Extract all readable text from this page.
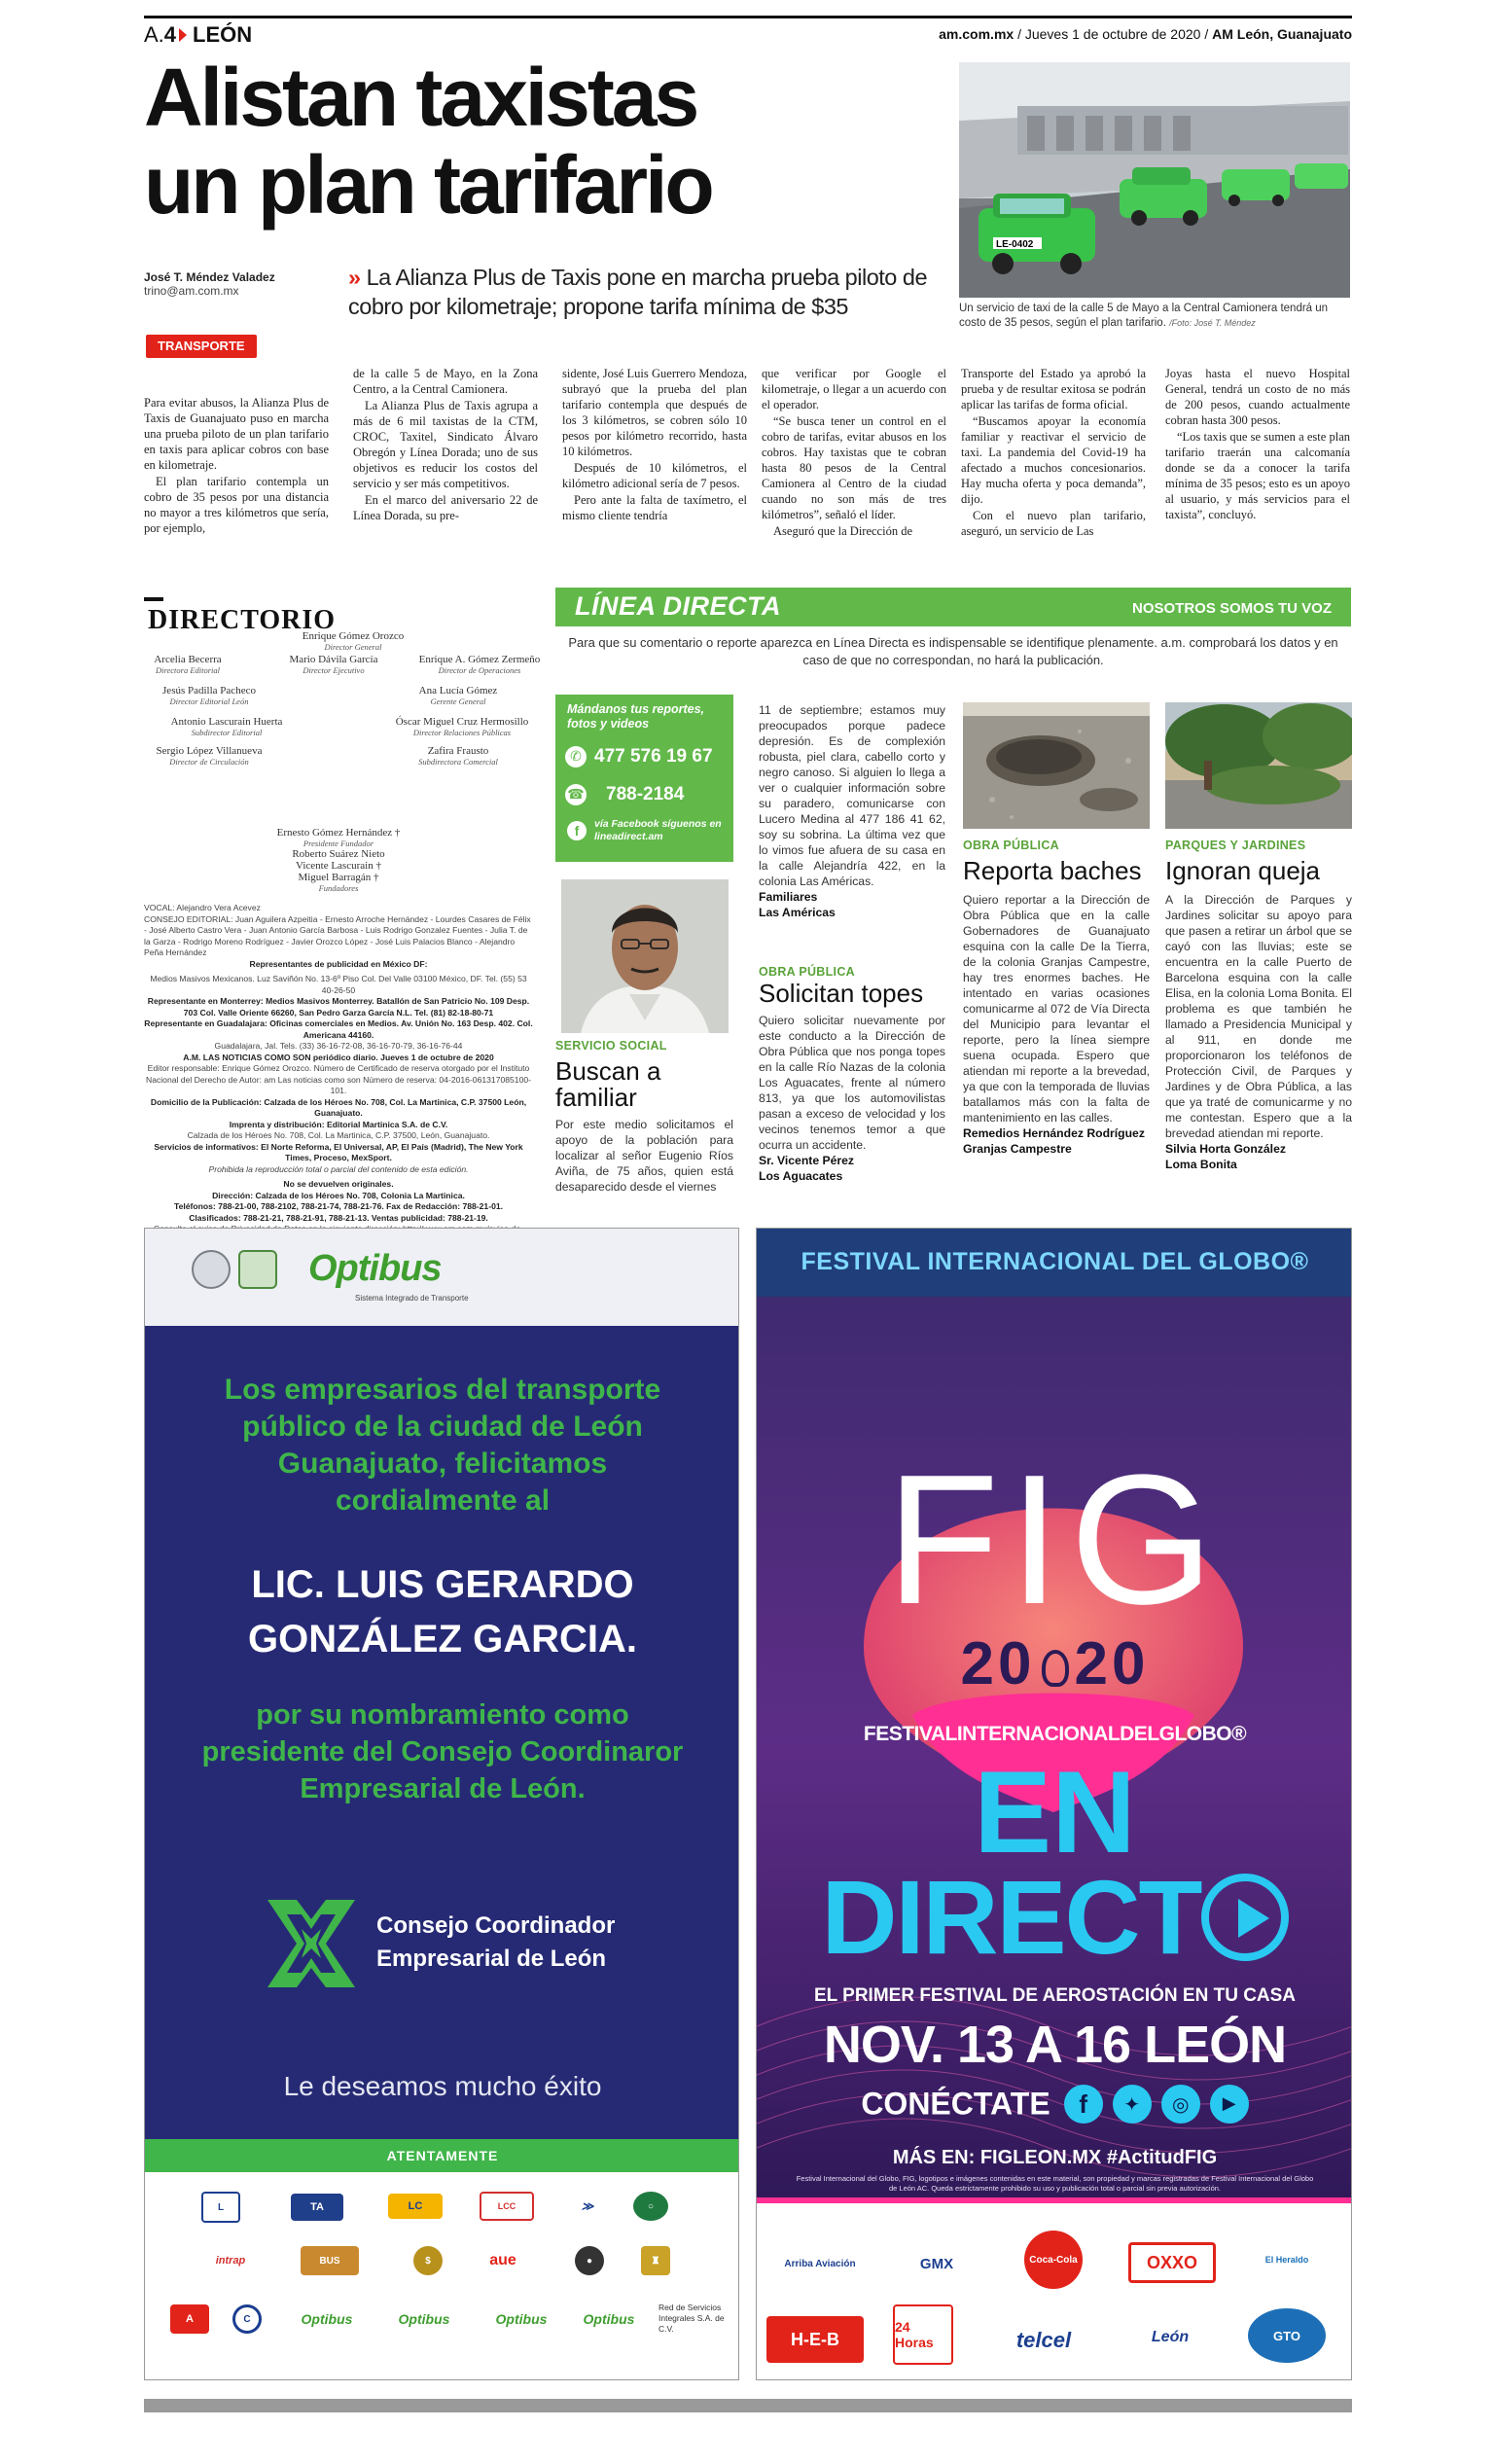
A.4 LEÓN	am.com.mx / Jueves 1 de octubre de 2020 / AM León, Guanajuato
Alistan taxistas
un plan tarifario
LE-0402
Un servicio de taxi de la calle 5 de Mayo a la Central Camionera tendrá un costo de 35 pesos, según el plan tarifario. /Foto: José T. Méndez
José T. Méndez Valadez
trino@am.com.mx
» La Alianza Plus de Taxis pone en marcha prueba piloto de cobro por kilometraje; propone tarifa mínima de $35
TRANSPORTE

Para evitar abusos, la Alianza Plus de Taxis de Guanajuato puso en marcha una prueba piloto de un plan tarifario en taxis para aplicar cobros con base en kilometraje.

El plan tarifario contempla un cobro de 35 pesos por una distancia no mayor a tres kilómetros que sería, por ejemplo,

de la calle 5 de Mayo, en la Zona Centro, a la Central Camionera.

La Alianza Plus de Taxis agrupa a más de 6 mil taxistas de la CTM, CROC, Taxitel, Sindicato Álvaro Obregón y Línea Dorada; uno de sus objetivos es reducir los costos del servicio y ser más competitivos.

En el marco del aniversario 22 de Línea Dorada, su pre-

sidente, José Luis Guerrero Mendoza, subrayó que la prueba del plan tarifario contempla que después de los 3 kilómetros, se cobren sólo 10 pesos por kilómetro recorrido, hasta 10 kilómetros.

Después de 10 kilómetros, el kilómetro adicional sería de 7 pesos.

Pero ante la falta de taxímetro, el mismo cliente tendría

que verificar por Google el kilometraje, o llegar a un acuerdo con el operador.

“Se busca tener un control en el cobro de tarifas, evitar abusos en los cobros. Hay taxistas que te cobran hasta 80 pesos de la Central Camionera al Centro de la ciudad cuando no son más de tres kilómetros”, señaló el líder.

Aseguró que la Dirección de

Transporte del Estado ya aprobó la prueba y de resultar exitosa se podrán aplicar las tarifas de forma oficial.

“Buscamos apoyar la economía familiar y reactivar el servicio de taxi. La pandemia del Covid-19 ha afectado a muchos concesionarios. Hay mucha oferta y poca demanda”, dijo.

Con el nuevo plan tarifario, aseguró, un servicio de Las

Joyas hasta el nuevo Hospital General, tendrá un costo de no más de 200 pesos, cuando actualmente cobran hasta 300 pesos.

“Los taxis que se sumen a este plan tarifario traerán una calcomanía donde se da a conocer la tarifa mínima de 35 pesos; esto es un apoyo al usuario, y más servicios para el taxista”, concluyó.

DIRECTORIO
Enrique Gómez Orozco
Director General
Arcelia Becerra
Directora Editorial
Mario Dávila García
Director Ejecutivo
Enrique A. Gómez Zermeño
Director de Operaciones
Jesús Padilla Pacheco
Director Editorial León
Ana Lucía Gómez
Gerente General
Antonio Lascurain Huerta
Subdirector Editorial
Óscar Miguel Cruz Hermosillo
Director Relaciones Públicas
Sergio López Villanueva
Director de Circulación
Zafira Frausto
Subdirectora Comercial
Ernesto Gómez Hernández †
Presidente Fundador
Roberto Suárez Nieto
Vicente Lascurain †
Miguel Barragán †
Fundadores
VOCAL: Alejandro Vera Acevez
CONSEJO EDITORIAL: Juan Aguilera Azpeitia - Ernesto Arroche Hernández - Lourdes Casares de Félix - José Alberto Castro Vera - Juan Antonio García Barbosa - Luis Rodrigo Gonzalez Fuentes - Julia T. de la Garza - Rodrigo Moreno Rodríguez - Javier Orozco López - José Luis Palacios Blanco - Alejandro Peña Hernández
Representantes de publicidad en México DF:
Medios Masivos Mexicanos. Luz Saviñón No. 13-6º Piso Col. Del Valle 03100 México, DF. Tel. (55) 53 40-26-50
Representante en Monterrey: Medios Masivos Monterrey. Batallón de San Patricio No. 109 Desp. 703 Col. Valle Oriente 66260, San Pedro Garza García N.L. Tel. (81) 82-18-80-71
Representante en Guadalajara: Oficinas comerciales en Medios. Av. Unión No. 163 Desp. 402. Col. Americana 44160.
Guadalajara, Jal. Tels. (33) 36-16-72-08, 36-16-70-79, 36-16-76-44
A.M. LAS NOTICIAS COMO SON periódico diario. Jueves 1 de octubre de 2020
Editor responsable: Enrique Gómez Orozco. Número de Certificado de reserva otorgado por el Instituto Nacional del Derecho de Autor: am Las noticias como son Número de reserva: 04-2016-061317085100-101.
Domicilio de la Publicación: Calzada de los Héroes No. 708, Col. La Martinica, C.P. 37500 León, Guanajuato.
Imprenta y distribución: Editorial Martinica S.A. de C.V.
Calzada de los Héroes No. 708, Col. La Martinica, C.P. 37500, León, Guanajuato.
Servicios de informativos: El Norte Reforma, El Universal, AP, El País (Madrid), The New York Times, Proceso, MexSport.
Prohibida la reproducción total o parcial del contenido de esta edición.
No se devuelven originales.
Dirección: Calzada de los Héroes No. 708, Colonia La Martinica.
Teléfonos: 788-21-00, 788-2102, 788-21-74, 788-21-76. Fax de Redacción: 788-21-01.
Clasificados: 788-21-21, 788-21-91, 788-21-13. Ventas publicidad: 788-21-19.
LÍNEA DIRECTA	NOSOTROS SOMOS TU VOZ
Para que su comentario o reporte aparezca en Línea Directa es indispensable se identifique plenamente. a.m. comprobará los datos y en caso de que no correspondan, no hará la publicación.
Mándanos tus reportes, fotos y videos
✆ 477 576 19 67
☎ 788-2184
f	vía Facebook síguenos en lineadirect.am
SERVICIO SOCIAL
Buscan a familiar
Por este medio solicitamos el apoyo de la población para localizar al señor Eugenio Ríos Aviña, de 75 años, quien está desaparecido desde el viernes
11 de septiembre; estamos muy preocupados porque padece depresión. Es de complexión robusta, piel clara, cabello corto y negro canoso. Si alguien lo llega a ver o cualquier información sobre su paradero, comunicarse con Lucero Medina al 477 186 41 62, soy su sobrina. La última vez que lo vimos fue afuera de su casa en la calle Alejandría 422, en la colonia Las Américas.
Familiares
Las Américas
OBRA PÚBLICA
Solicitan topes
Quiero solicitar nuevamente por este conducto a la Dirección de Obra Pública que nos ponga topes en la calle Río Nazas de la colonia Los Aguacates, frente al número 813, ya que los automovilistas pasan a exceso de velocidad y los vecinos tenemos temor a que ocurra un accidente.
Sr. Vicente Pérez
Los Aguacates
OBRA PÚBLICA
Reporta baches
Quiero reportar a la Dirección de Obra Pública que en la calle Gobernadores de Guanajuato esquina con la calle De la Tierra, de la colonia Granjas Campestre, hay tres enormes baches. He intentado en varias ocasiones comunicarme al 072 de Vía Directa del Municipio para levantar el reporte, pero la línea siempre suena ocupada. Espero que atiendan mi reporte a la brevedad, ya que con la temporada de lluvias batallamos más con la falta de mantenimiento en las calles.
Remedios Hernández Rodríguez
Granjas Campestre
PARQUES Y JARDINES
Ignoran queja
A la Dirección de Parques y Jardines solicitar su apoyo para que pasen a retirar un árbol que se cayó con las lluvias; este se encuentra en la calle Puerto de Barcelona esquina con la calle Elisa, en la colonia Loma Bonita. El problema es que también he llamado a Presidencia Municipal y al 911, en donde me proporcionaron los teléfonos de Protección Civil, de Parques y Jardines y de Obra Pública, a las que ya traté de comunicarme y no me contestan. Espero que a la brevedad atiendan mi reporte.
Silvia Horta González
Loma Bonita
Optibus
Sistema Integrado de Transporte
Los empresarios del transporte público de la ciudad de León Guanajuato, felicitamos cordialmente al
LIC. LUIS GERARDO GONZÁLEZ GARCIA.
por su nombramiento como presidente del Consejo Coordinaror Empresarial de León.
Consejo Coordinador
Empresarial de León
Le deseamos mucho éxito
ATENTAMENTE
L	TA	LC	LCC	≫	○
intrap	BUS	$	aue	●	♜
A	C	Optibus	Optibus	Optibus	Optibus
Red de Servicios Integrales S.A. de C.V.
FESTIVAL INTERNACIONAL DEL GLOBO®
FIG
20 20
FESTIVALINTERNACIONALDELGLOBO®
EN
DIRECT
EL PRIMER FESTIVAL DE AEROSTACIÓN EN TU CASA
NOV. 13 A 16 LEÓN
CONÉCTATE f ✦ ◎ ▶
MÁS EN: FIGLEON.MX #ActitudFIG
Festival Internacional del Globo, FIG, logotipos e imágenes contenidas en este material, son propiedad y marcas registradas de Festival Internacional del Globo de León AC. Queda estrictamente prohibido su uso y publicación total o parcial sin previa autorización.
Arriba Aviación	GMX	Coca-Cola	OXXO	El Heraldo
H-E-B
24 Horas	telcel	León	GTO
